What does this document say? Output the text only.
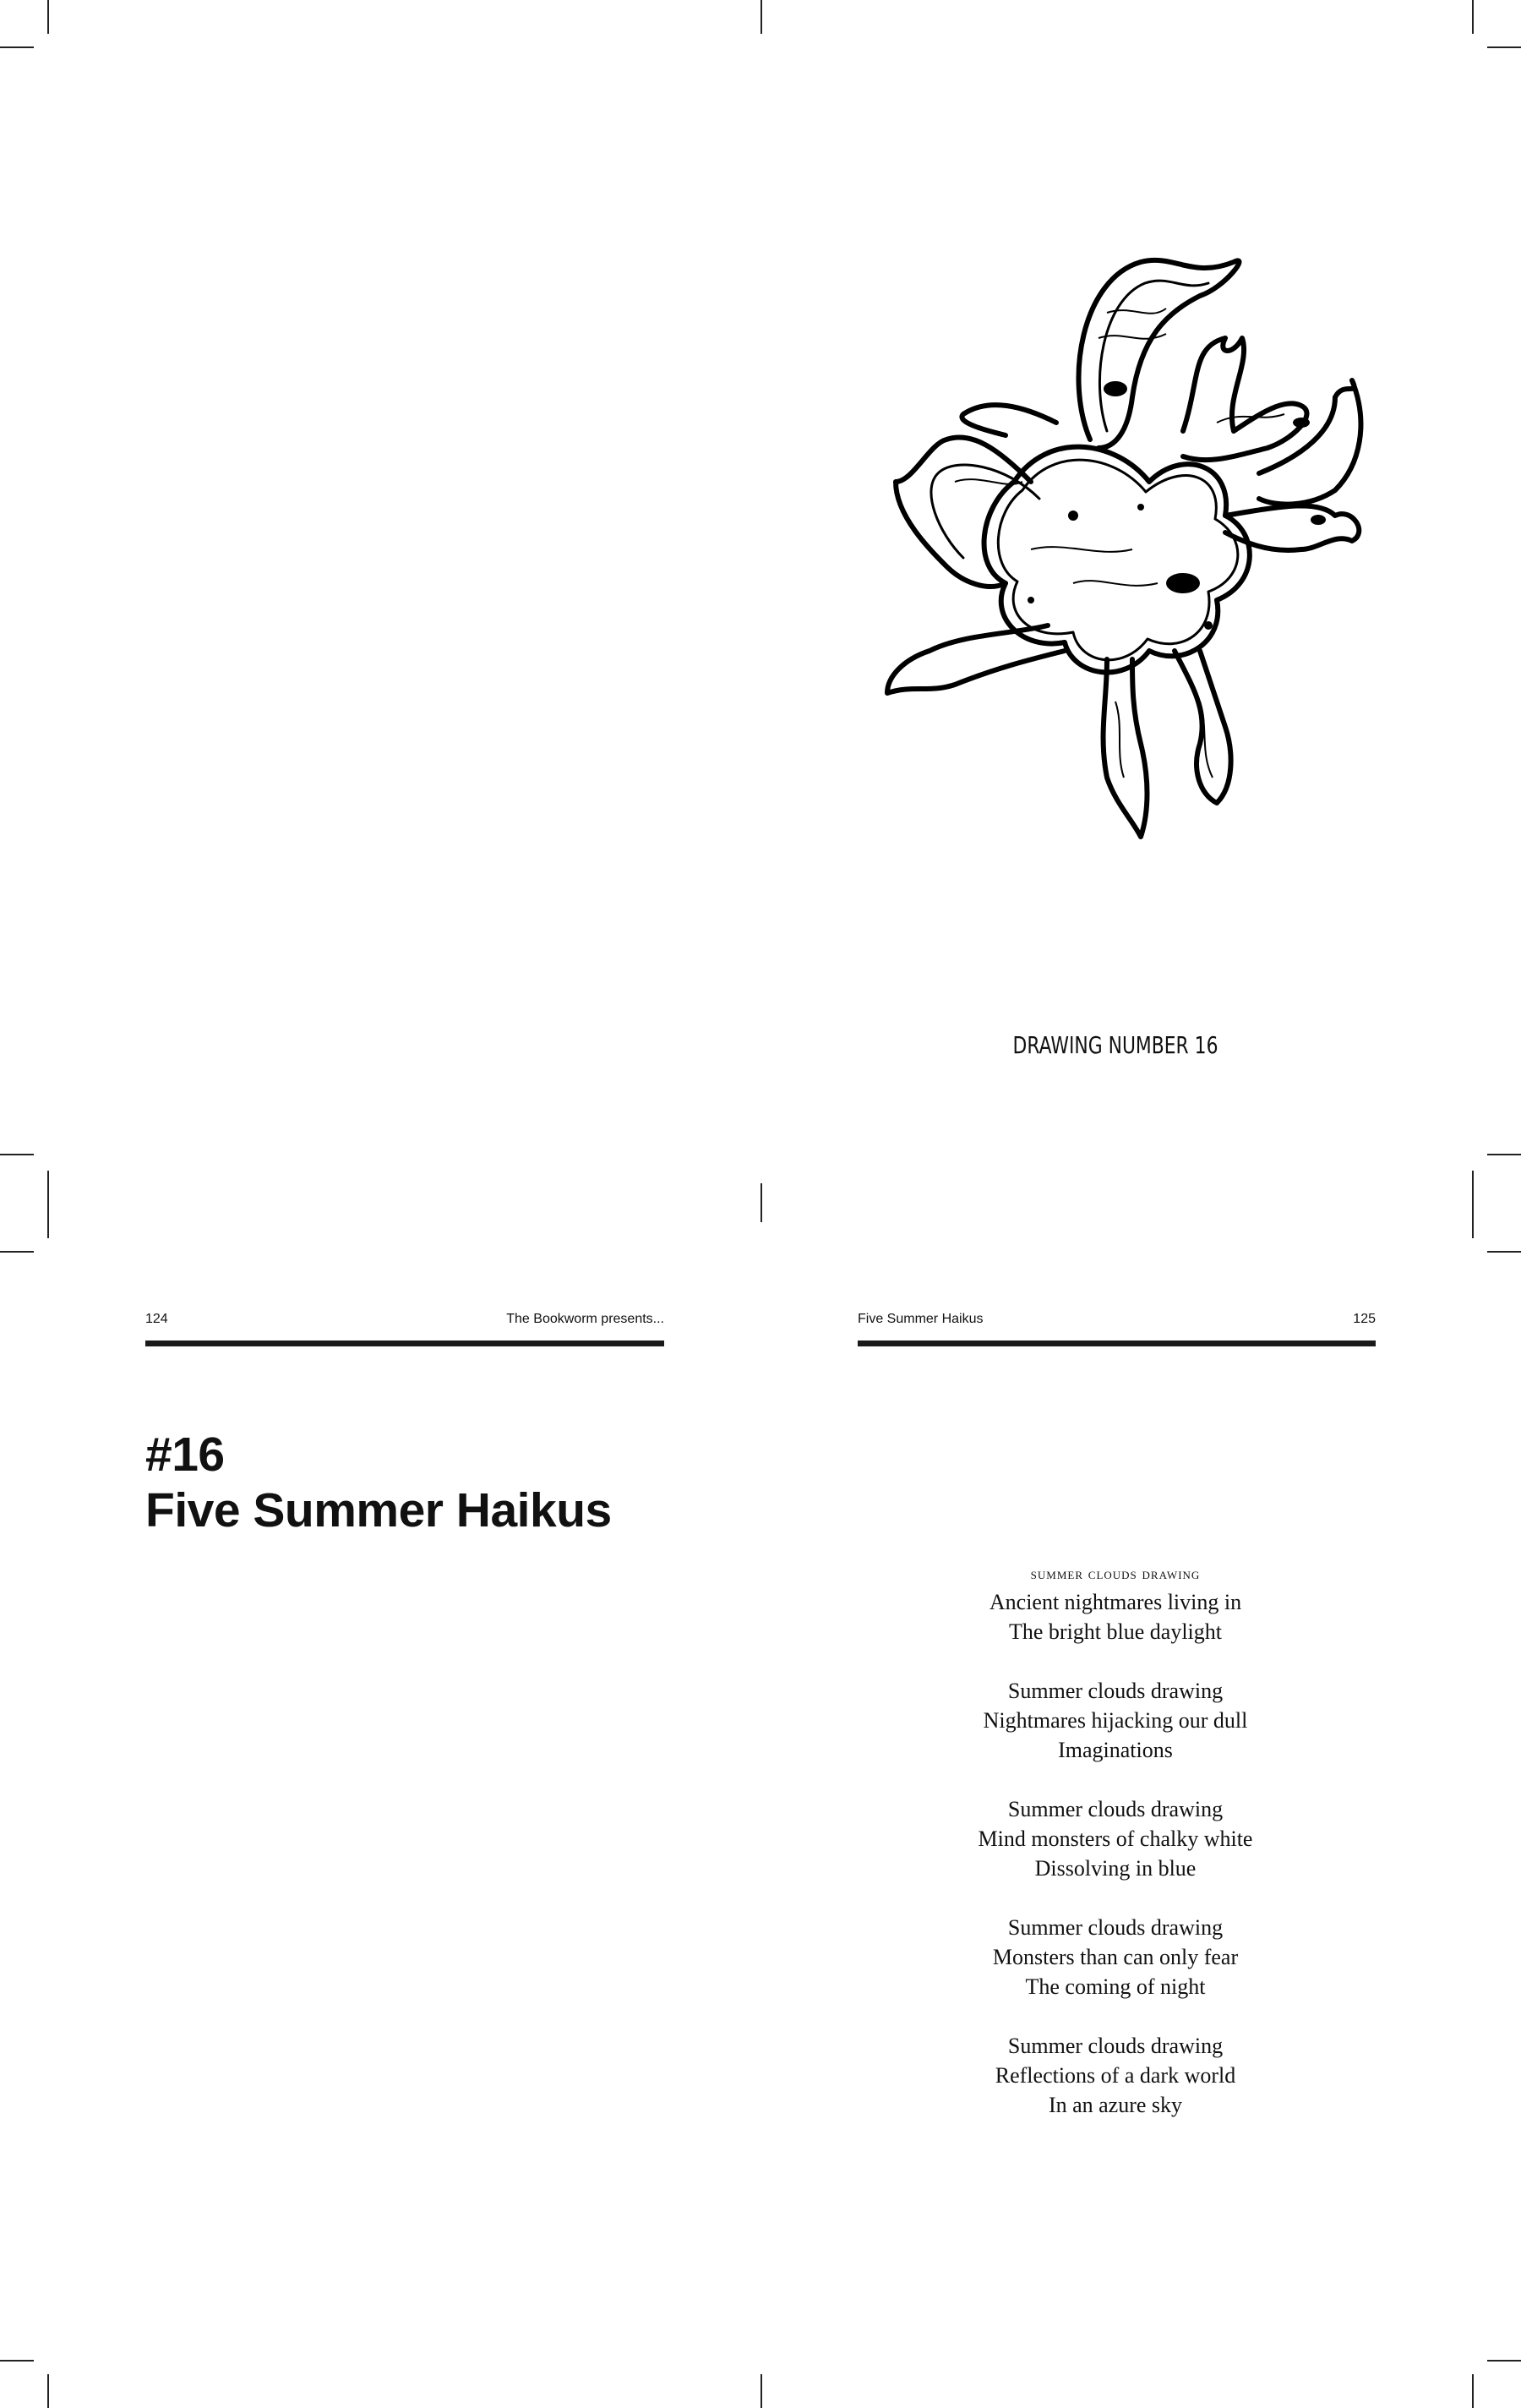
DRAWING NUMBER 16
124	The Bookworm presents...	Five Summer Haikus	125
#16
Five Summer Haikus
summer clouds drawing
Ancient nightmares living in
The bright blue daylight
Summer clouds drawing
Nightmares hijacking our dull
Imaginations
Summer clouds drawing
Mind monsters of chalky white
Dissolving in blue
Summer clouds drawing
Monsters than can only fear
The coming of night
Summer clouds drawing
Reflections of a dark world
In an azure sky
